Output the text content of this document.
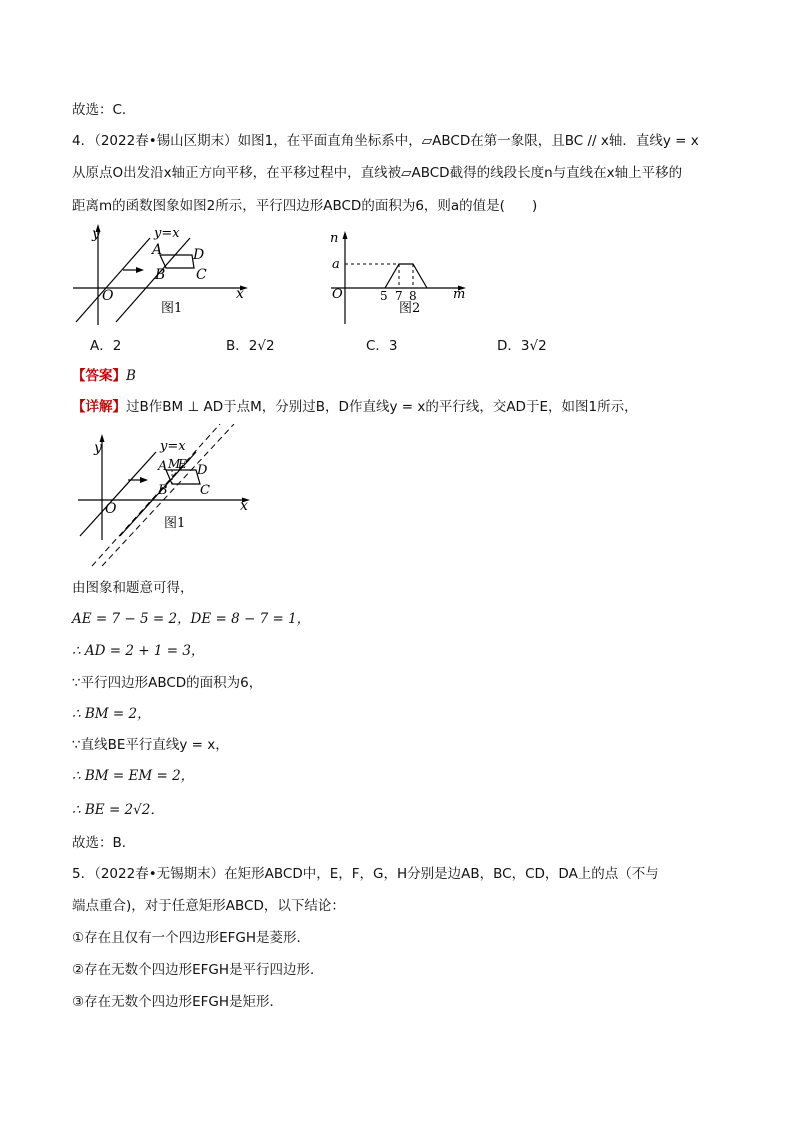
故选：C．
4．（2022春•锡山区期末）如图1，在平面直角坐标系中，▱ABCD在第一象限，且BC // x轴．直线y = x
从原点O出发沿x轴正方向平移，在平移过程中，直线被▱ABCD截得的线段长度n与直线在x轴上平移的
距离m的函数图象如图2所示，平行四边形ABCD的面积为6，则a的值是(　　)
y
x
O
y=x
A
B C
D
图1
n
m
O
a
5 7 8
图2
A．2	B．2√2	C．3	D．3√2
【答案】B
【详解】过B作BM ⊥ AD于点M，分别过B，D作直线y = x的平行线，交AD于E，如图1所示，
y
x
O
y=x
A M
E
B C
D
图1
由图象和题意可得，
AE = 7 − 5 = 2，DE = 8 − 7 = 1，
∴ AD = 2 + 1 = 3，
∵平行四边形ABCD的面积为6，
∴ BM = 2，
∵直线BE平行直线y = x，
∴ BM = EM = 2，
∴ BE = 2√2．
故选：B．
5．（2022春•无锡期末）在矩形ABCD中，E，F，G，H分别是边AB，BC，CD，DA上的点（不与
端点重合)，对于任意矩形ABCD，以下结论：
①存在且仅有一个四边形EFGH是菱形．
②存在无数个四边形EFGH是平行四边形．
③存在无数个四边形EFGH是矩形．
